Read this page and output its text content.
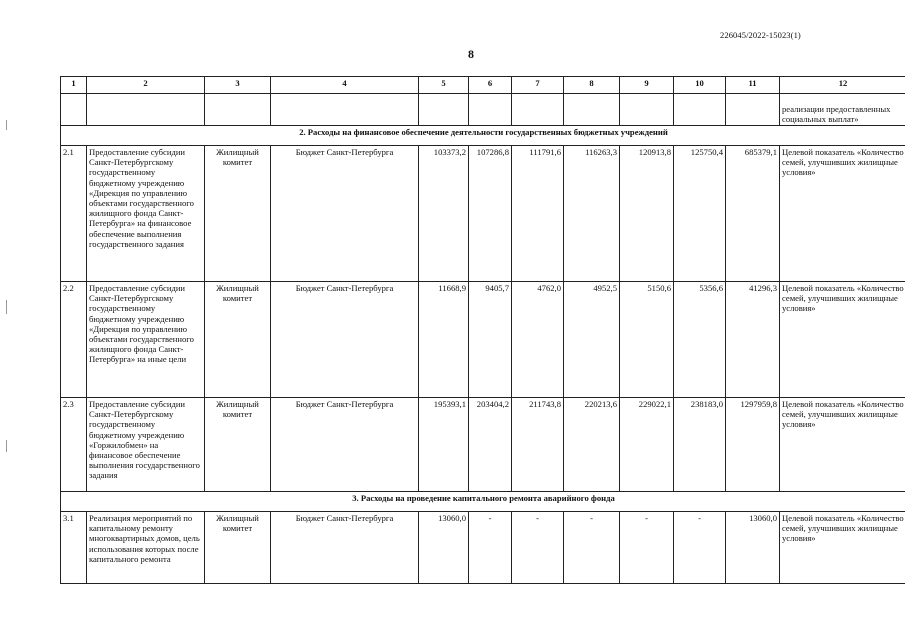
226045/2022-15023(1)
8
1	2	3	4	5	6	7	8	9	10	11	12
											реализации предоставленных социальных выплат»
2. Расходы на финансовое обеспечение деятельности государственных бюджетных учреждений											
2.1	Предоставление субсидии Санкт-Петербургскому государственному бюджетному учреждению «Дирекция по управлению объектами государственного жилищного фонда Санкт-Петербурга» на финансовое обеспечение выполнения государственного задания	Жилищный комитет	Бюджет Санкт-Петербурга	103373,2	107286,8	111791,6	116263,3	120913,8	125750,4	685379,1	Целевой показатель «Количество семей, улучшивших жилищные условия»
2.2	Предоставление субсидии Санкт-Петербургскому государственному бюджетному учреждению «Дирекция по управлению объектами государственного жилищного фонда Санкт-Петербурга» на иные цели	Жилищный комитет	Бюджет Санкт-Петербурга	11668,9	9405,7	4762,0	4952,5	5150,6	5356,6	41296,3	Целевой показатель «Количество семей, улучшивших жилищные условия»
2.3	Предоставление субсидии Санкт-Петербургскому государственному бюджетному учреждению «Горжилобмен» на финансовое обеспечение выполнения государственного задания	Жилищный комитет	Бюджет Санкт-Петербурга	195393,1	203404,2	211743,8	220213,6	229022,1	238183,0	1297959,8	Целевой показатель «Количество семей, улучшивших жилищные условия»
3. Расходы на проведение капитального ремонта аварийного фонда											
3.1	Реализация мероприятий по капитальному ремонту многоквартирных домов, цель использования которых после капитального ремонта	Жилищный комитет	Бюджет Санкт-Петербурга	13060,0	-	-	-	-	-	13060,0	Целевой показатель «Количество семей, улучшивших жилищные условия»
